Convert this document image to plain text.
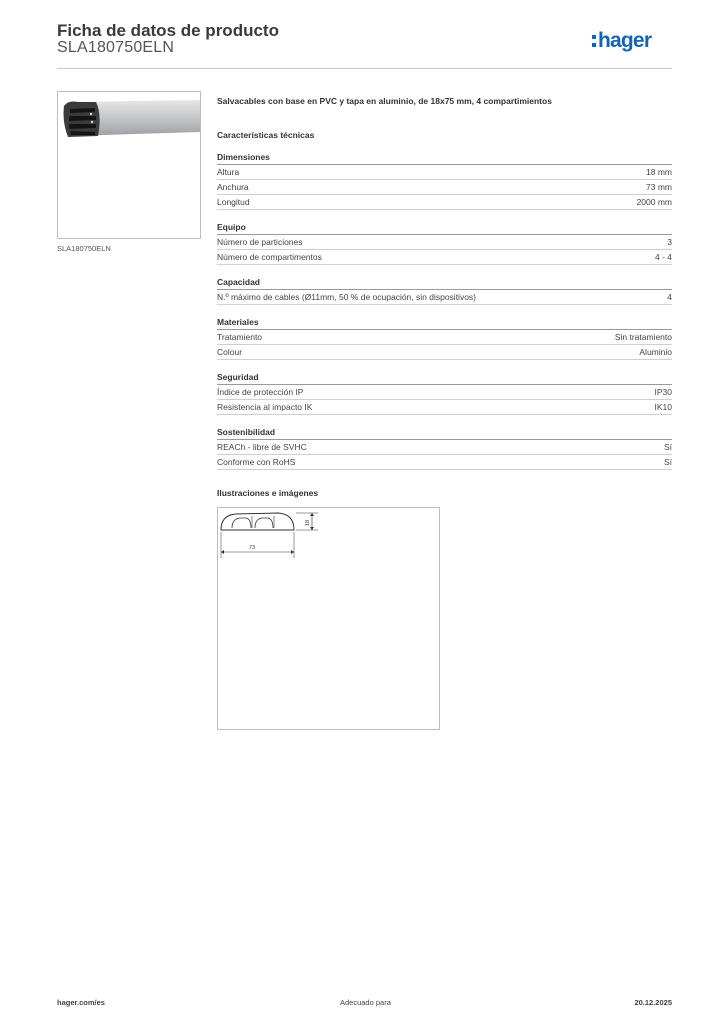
Ficha de datos de producto
SLA180750ELN	hager
SLA180750ELN

Salvacables con base en PVC y tapa en aluminio, de 18x75 mm, 4 compartimientos

Características técnicas
Dimensiones
Altura	18 mm
Anchura	73 mm
Longitud	2000 mm
Equipo
Número de particiones	3
Número de compartimentos	4 - 4
Capacidad
N.º máximo de cables (Ø11mm, 50 % de ocupación, sin dispositivos)	4
Materiales
Tratamiento	Sin tratamiento
Colour	Aluminio
Seguridad
Índice de protección IP	IP30
Resistencia al impacto IK	IK10
Sostenibilidad
REACh - libre de SVHC	Sí
Conforme con RoHS	Sí
Ilustraciones e imágenes
18
73
hager.com/es	Adecuado para	20.12.2025
